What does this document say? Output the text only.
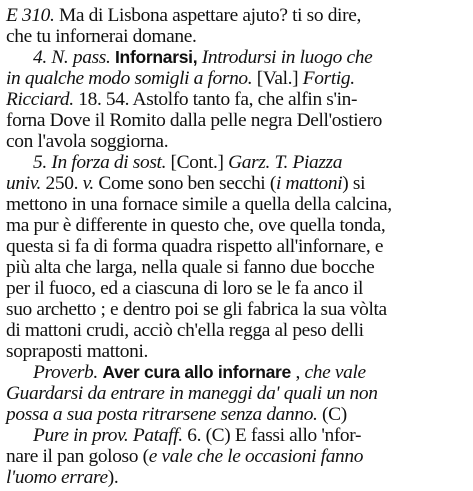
E 310. Ma di Lisbona aspettare ajuto? ti so dire,
che tu infornerai domane.
4. N. pass. Infornarsi, Introdursi in luogo che
in qualche modo somigli a forno. [Val.] Fortig.
Ricciard. 18. 54. Astolfo tanto fa, che alfin s'in-
forna Dove il Romito dalla pelle negra Dell'ostiero
con l'avola soggiorna.
5. In forza di sost. [Cont.] Garz. T. Piazza
univ. 250. v. Come sono ben secchi (i mattoni) si
mettono in una fornace simile a quella della calcina,
ma pur è differente in questo che, ove quella tonda,
questa si fa di forma quadra rispetto all'infornare, e
più alta che larga, nella quale si fanno due bocche
per il fuoco, ed a ciascuna di loro se le fa anco il
suo archetto ; e dentro poi se gli fabrica la sua vòlta
di mattoni crudi, acciò ch'ella regga al peso delli
sopraposti mattoni.
Proverb. Aver cura allo infornare , che vale
Guardarsi da entrare in maneggi da' quali un non
possa a sua posta ritrarsene senza danno. (C)
Pure in prov. Pataff. 6. (C) E fassi allo 'nfor-
nare il pan goloso (e vale che le occasioni fanno
l'uomo errare).
